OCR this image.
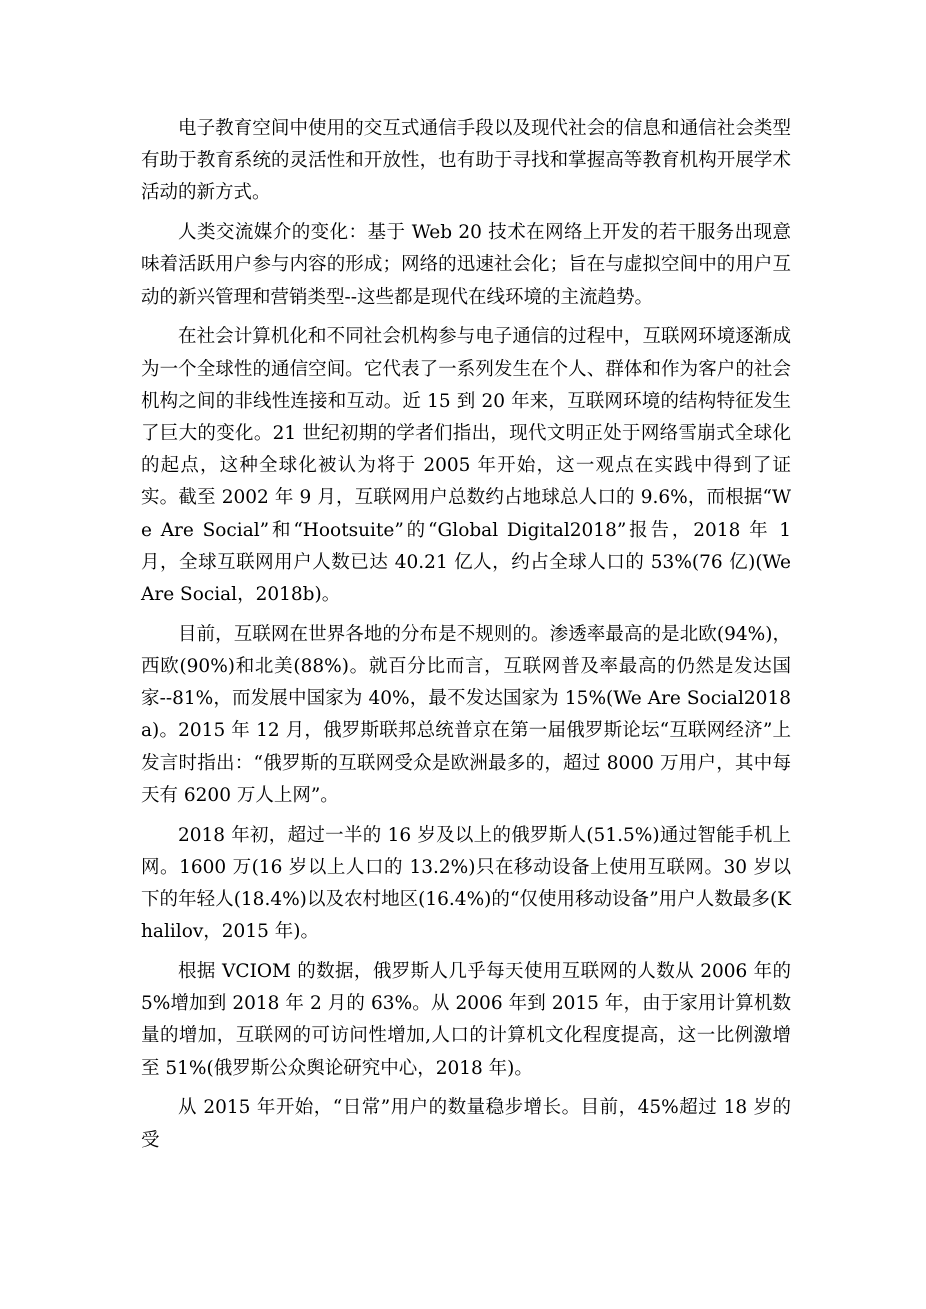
电子教育空间中使用的交互式通信手段以及现代社会的信息和通信社会类型有助于教育系统的灵活性和开放性，也有助于寻找和掌握高等教育机构开展学术活动的新方式。

人类交流媒介的变化：基于 Web 20 技术在网络上开发的若干服务出现意味着活跃用户参与内容的形成；网络的迅速社会化；旨在与虚拟空间中的用户互动的新兴管理和营销类型--这些都是现代在线环境的主流趋势。

在社会计算机化和不同社会机构参与电子通信的过程中，互联网环境逐渐成为一个全球性的通信空间。它代表了一系列发生在个人、群体和作为客户的社会机构之间的非线性连接和互动。近 15 到 20 年来，互联网环境的结构特征发生了巨大的变化。21 世纪初期的学者们指出，现代文明正处于网络雪崩式全球化的起点，这种全球化被认为将于 2005 年开始，这一观点在实践中得到了证实。截至 2002 年 9 月，互联网用户总数约占地球总人口的 9.6%，而根据“We Are Social”和“Hootsuite”的“Global Digital2018”报告，2018 年 1 月，全球互联网用户人数已达 40.21 亿人，约占全球人口的 53%(76 亿)(We Are Social，2018b)。

目前，互联网在世界各地的分布是不规则的。渗透率最高的是北欧(94%)，西欧(90%)和北美(88%)。就百分比而言，互联网普及率最高的仍然是发达国家--81%，而发展中国家为 40%，最不发达国家为 15%(We Are Social2018a)。2015 年 12 月，俄罗斯联邦总统普京在第一届俄罗斯论坛“互联网经济”上发言时指出：“俄罗斯的互联网受众是欧洲最多的，超过 8000 万用户，其中每天有 6200 万人上网”。

2018 年初，超过一半的 16 岁及以上的俄罗斯人(51.5%)通过智能手机上网。1600 万(16 岁以上人口的 13.2%)只在移动设备上使用互联网。30 岁以下的年轻人(18.4%)以及农村地区(16.4%)的“仅使用移动设备”用户人数最多(Khalilov，2015 年)。

根据 VCIOM 的数据，俄罗斯人几乎每天使用互联网的人数从 2006 年的 5%增加到 2018 年 2 月的 63%。从 2006 年到 2015 年，由于家用计算机数量的增加，互联网的可访问性增加,人口的计算机文化程度提高，这一比例激增至 51%(俄罗斯公众舆论研究中心，2018 年)。

从 2015 年开始，“日常”用户的数量稳步增长。目前，45%超过 18 岁的受
